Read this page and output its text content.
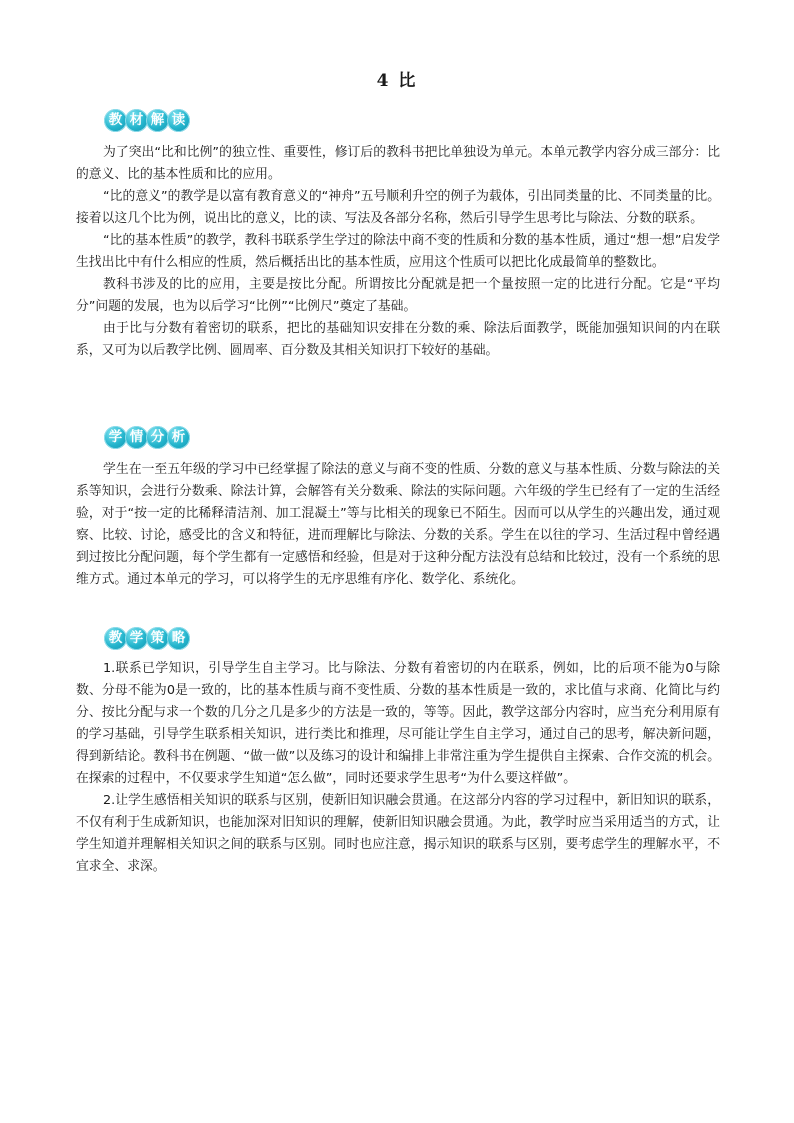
4 比
教 材 解 读

为了突出“比和比例”的独立性、重要性，修订后的教科书把比单独设为单元。本单元教学内容分成三部分：比的意义、比的基本性质和比的应用。

“比的意义”的教学是以富有教育意义的“神舟”五号顺利升空的例子为载体，引出同类量的比、不同类量的比。接着以这几个比为例，说出比的意义，比的读、写法及各部分名称，然后引导学生思考比与除法、分数的联系。

“比的基本性质”的教学，教科书联系学生学过的除法中商不变的性质和分数的基本性质，通过“想一想”启发学生找出比中有什么相应的性质，然后概括出比的基本性质，应用这个性质可以把比化成最简单的整数比。

教科书涉及的比的应用，主要是按比分配。所谓按比分配就是把一个量按照一定的比进行分配。它是“平均分”问题的发展，也为以后学习“比例”“比例尺”奠定了基础。

由于比与分数有着密切的联系，把比的基础知识安排在分数的乘、除法后面教学，既能加强知识间的内在联系，又可为以后教学比例、圆周率、百分数及其相关知识打下较好的基础。

学 情 分 析

学生在一至五年级的学习中已经掌握了除法的意义与商不变的性质、分数的意义与基本性质、分数与除法的关系等知识，会进行分数乘、除法计算，会解答有关分数乘、除法的实际问题。六年级的学生已经有了一定的生活经验，对于“按一定的比稀释清洁剂、加工混凝土”等与比相关的现象已不陌生。因而可以从学生的兴趣出发，通过观察、比较、讨论，感受比的含义和特征，进而理解比与除法、分数的关系。学生在以往的学习、生活过程中曾经遇到过按比分配问题，每个学生都有一定感悟和经验，但是对于这种分配方法没有总结和比较过，没有一个系统的思维方式。通过本单元的学习，可以将学生的无序思维有序化、数学化、系统化。

教 学 策 略

1.联系已学知识，引导学生自主学习。比与除法、分数有着密切的内在联系，例如，比的后项不能为0与除数、分母不能为0是一致的，比的基本性质与商不变性质、分数的基本性质是一致的，求比值与求商、化简比与约分、按比分配与求一个数的几分之几是多少的方法是一致的，等等。因此，教学这部分内容时，应当充分利用原有的学习基础，引导学生联系相关知识，进行类比和推理，尽可能让学生自主学习，通过自己的思考，解决新问题，得到新结论。教科书在例题、“做一做”以及练习的设计和编排上非常注重为学生提供自主探索、合作交流的机会。在探索的过程中，不仅要求学生知道“怎么做”，同时还要求学生思考“为什么要这样做”。

2.让学生感悟相关知识的联系与区别，使新旧知识融会贯通。在这部分内容的学习过程中，新旧知识的联系，不仅有利于生成新知识，也能加深对旧知识的理解，使新旧知识融会贯通。为此，教学时应当采用适当的方式，让学生知道并理解相关知识之间的联系与区别。同时也应注意，揭示知识的联系与区别，要考虑学生的理解水平，不宜求全、求深。
